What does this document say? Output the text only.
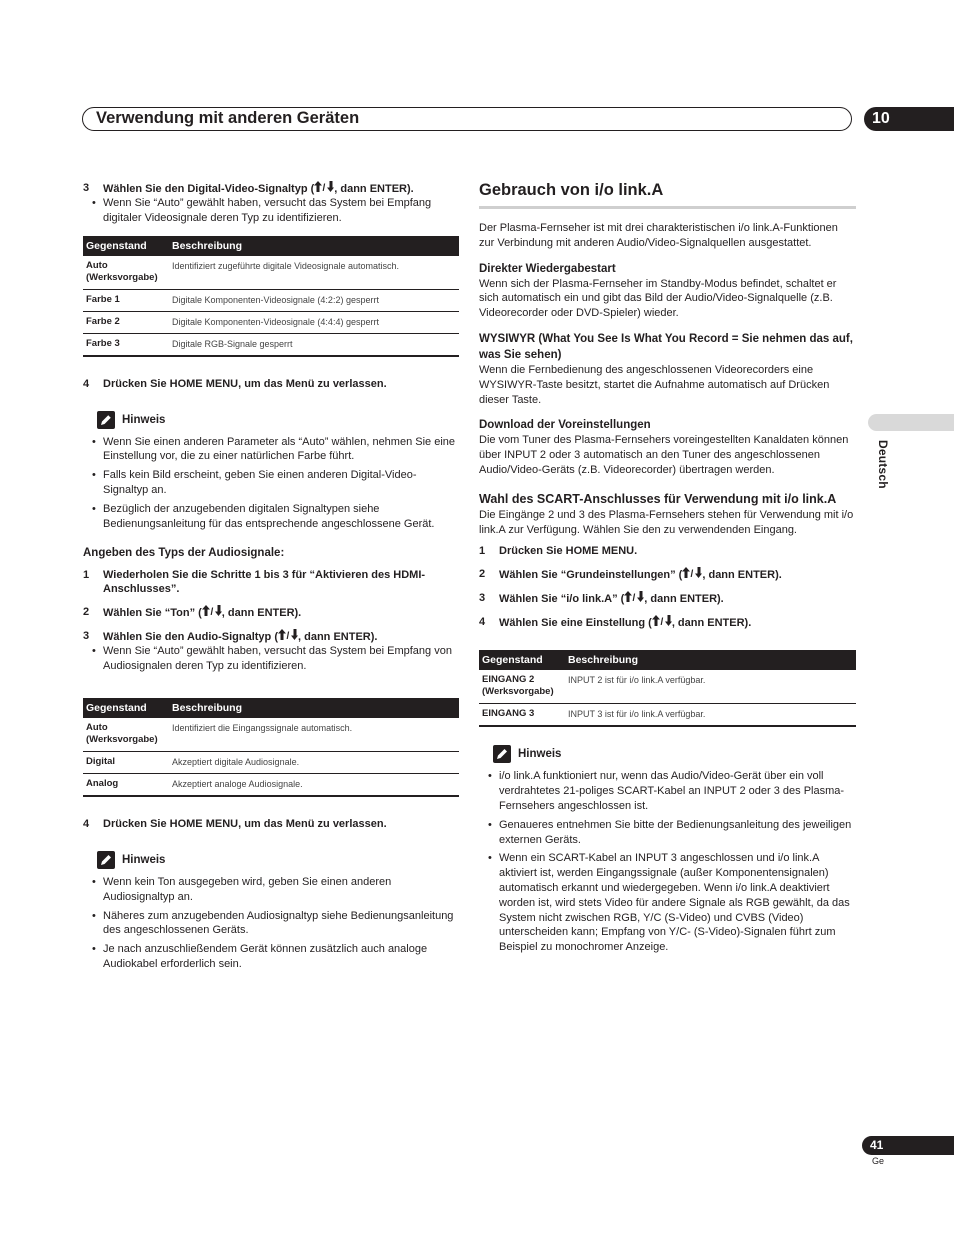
Verwendung mit anderen Geräten	10
Deutsch
41
Ge
3	Wählen Sie den Digital-Video-Signaltyp ( / , dann ENTER).
• Wenn Sie “Auto” gewählt haben, versucht das System bei Empfang digitaler Videosignale deren Typ zu identifizieren.
Gegenstand	Beschreibung
Auto (Werksvorgabe)	Identifiziert zugeführte digitale Videosignale automatisch.
Farbe 1	Digitale Komponenten-Videosignale (4:2:2) gesperrt
Farbe 2	Digitale Komponenten-Videosignale (4:4:4) gesperrt
Farbe 3	Digitale RGB-Signale gesperrt
4	Drücken Sie HOME MENU, um das Menü zu verlassen.
Hinweis
• Wenn Sie einen anderen Parameter als “Auto” wählen, nehmen Sie eine Einstellung vor, die zu einer natürlichen Farbe führt.
• Falls kein Bild erscheint, geben Sie einen anderen Digital-Video-Signaltyp an.
• Bezüglich der anzugebenden digitalen Signaltypen siehe Bedienungsanleitung für das entsprechende angeschlossene Gerät.
Angeben des Typs der Audiosignale:
1	Wiederholen Sie die Schritte 1 bis 3 für “Aktivieren des HDMI-Anschlusses”.
2	Wählen Sie “Ton” ( / , dann ENTER).
3	Wählen Sie den Audio-Signaltyp ( / , dann ENTER).
• Wenn Sie “Auto” gewählt haben, versucht das System bei Empfang von Audiosignalen deren Typ zu identifizieren.
Gegenstand	Beschreibung
Auto (Werksvorgabe)	Identifiziert die Eingangssignale automatisch.
Digital	Akzeptiert digitale Audiosignale.
Analog	Akzeptiert analoge Audiosignale.
4	Drücken Sie HOME MENU, um das Menü zu verlassen.
Hinweis
• Wenn kein Ton ausgegeben wird, geben Sie einen anderen Audiosignaltyp an.
• Näheres zum anzugebenden Audiosignaltyp siehe Bedienungsanleitung des angeschlossenen Geräts.
• Je nach anzuschließendem Gerät können zusätzlich auch analoge Audiokabel erforderlich sein.
Gebrauch von i/o link.A

Der Plasma-Fernseher ist mit drei charakteristischen i/o link.A-Funktionen zur Verbindung mit anderen Audio/Video-Signalquellen ausgestattet.

Direkter Wiedergabestart

Wenn sich der Plasma-Fernseher im Standby-Modus befindet, schaltet er sich automatisch ein und gibt das Bild der Audio/Video-Signalquelle (z.B. Videorecorder oder DVD-Spieler) wieder.

WYSIWYR (What You See Is What You Record = Sie nehmen das auf, was Sie sehen)

Wenn die Fernbedienung des angeschlossenen Videorecorders eine WYSIWYR-Taste besitzt, startet die Aufnahme automatisch auf Drücken dieser Taste.

Download der Voreinstellungen

Die vom Tuner des Plasma-Fernsehers voreingestellten Kanaldaten können über INPUT 2 oder 3 automatisch an den Tuner des angeschlossenen Audio/Video-Geräts (z.B. Videorecorder) übertragen werden.

Wahl des SCART-Anschlusses für Verwendung mit i/o link.A

Die Eingänge 2 und 3 des Plasma-Fernsehers stehen für Verwendung mit i/o link.A zur Verfügung. Wählen Sie den zu verwendenden Eingang.

1	Drücken Sie HOME MENU.
2	Wählen Sie “Grundeinstellungen” ( / , dann ENTER).
3	Wählen Sie “i/o link.A” ( / , dann ENTER).
4	Wählen Sie eine Einstellung ( / , dann ENTER).
Gegenstand	Beschreibung
EINGANG 2 (Werksvorgabe)	INPUT 2 ist für i/o link.A verfügbar.
EINGANG 3	INPUT 3 ist für i/o link.A verfügbar.
Hinweis
• i/o link.A funktioniert nur, wenn das Audio/Video-Gerät über ein voll verdrahtetes 21-poliges SCART-Kabel an INPUT 2 oder 3 des Plasma-Fernsehers angeschlossen ist.
• Genaueres entnehmen Sie bitte der Bedienungsanleitung des jeweiligen externen Geräts.
• Wenn ein SCART-Kabel an INPUT 3 angeschlossen und i/o link.A aktiviert ist, werden Eingangssignale (außer Komponentensignalen) automatisch erkannt und wiedergegeben. Wenn i/o link.A deaktiviert worden ist, wird stets Video für andere Signale als RGB gewählt, da das System nicht zwischen RGB, Y/C (S-Video) und CVBS (Video) unterscheiden kann; Empfang von Y/C- (S-Video)-Signalen führt zum Beispiel zu monochromer Anzeige.
